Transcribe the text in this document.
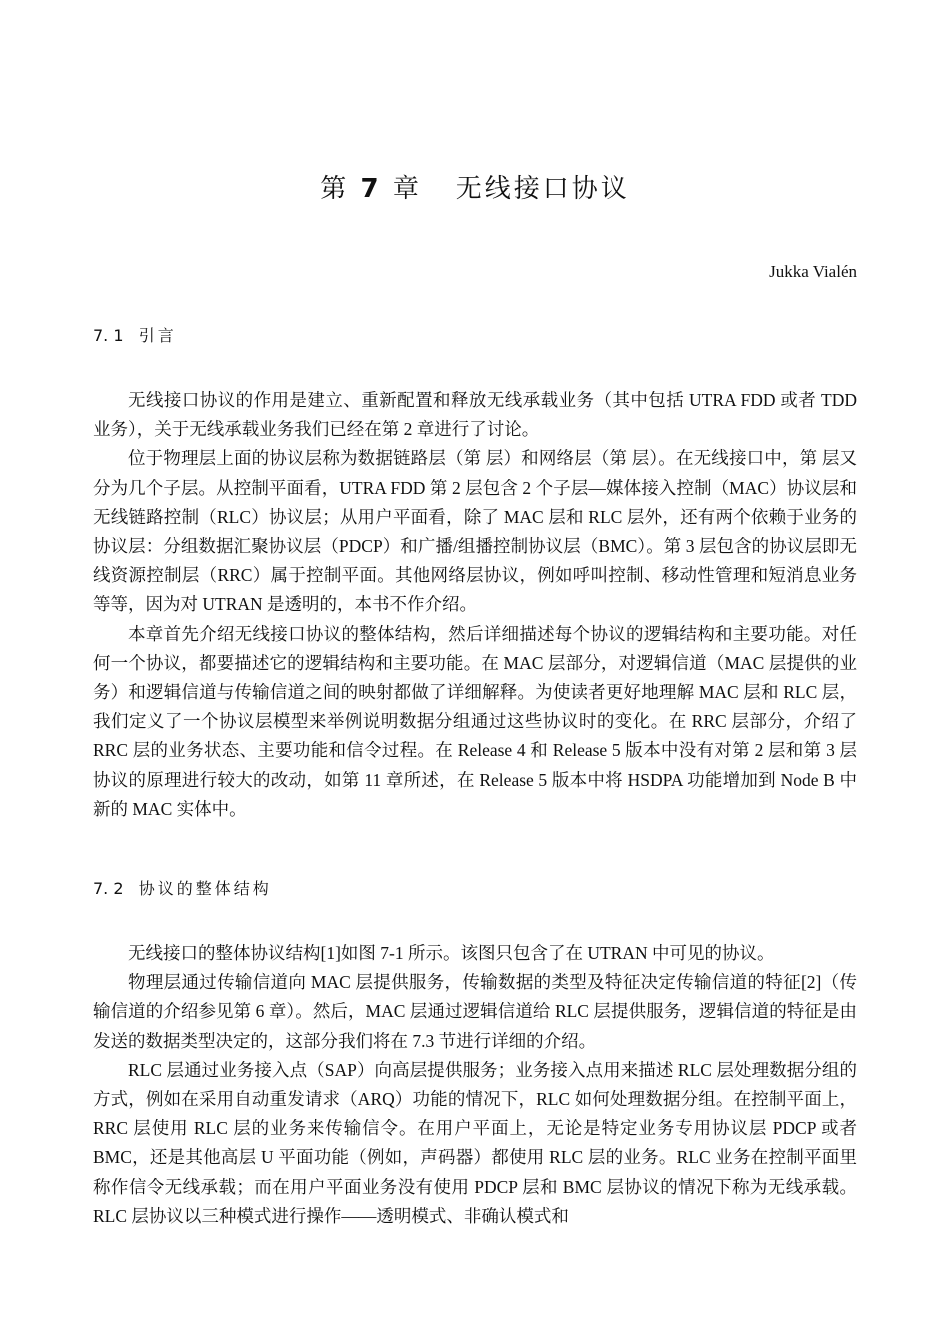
第 7 章 无线接口协议

Jukka Vialén

7. 1 引言

无线接口协议的作用是建立、重新配置和释放无线承载业务（其中包括 UTRA FDD 或者 TDD 业务），关于无线承载业务我们已经在第 2 章进行了讨论。

位于物理层上面的协议层称为数据链路层（第 层）和网络层（第 层）。在无线接口中，第 层又分为几个子层。从控制平面看，UTRA FDD 第 2 层包含 2 个子层—媒体接入控制（MAC）协议层和无线链路控制（RLC）协议层；从用户平面看，除了 MAC 层和 RLC 层外，还有两个依赖于业务的协议层：分组数据汇聚协议层（PDCP）和广播/组播控制协议层（BMC）。第 3 层包含的协议层即无线资源控制层（RRC）属于控制平面。其他网络层协议，例如呼叫控制、移动性管理和短消息业务等等，因为对 UTRAN 是透明的，本书不作介绍。

本章首先介绍无线接口协议的整体结构，然后详细描述每个协议的逻辑结构和主要功能。对任何一个协议，都要描述它的逻辑结构和主要功能。在 MAC 层部分，对逻辑信道（MAC 层提供的业务）和逻辑信道与传输信道之间的映射都做了详细解释。为使读者更好地理解 MAC 层和 RLC 层，我们定义了一个协议层模型来举例说明数据分组通过这些协议时的变化。在 RRC 层部分，介绍了 RRC 层的业务状态、主要功能和信令过程。在 Release 4 和 Release 5 版本中没有对第 2 层和第 3 层协议的原理进行较大的改动，如第 11 章所述，在 Release 5 版本中将 HSDPA 功能增加到 Node B 中新的 MAC 实体中。

7. 2 协议的整体结构

无线接口的整体协议结构[1]如图 7-1 所示。该图只包含了在 UTRAN 中可见的协议。

物理层通过传输信道向 MAC 层提供服务，传输数据的类型及特征决定传输信道的特征[2]（传输信道的介绍参见第 6 章）。然后，MAC 层通过逻辑信道给 RLC 层提供服务，逻辑信道的特征是由发送的数据类型决定的，这部分我们将在 7.3 节进行详细的介绍。

RLC 层通过业务接入点（SAP）向高层提供服务；业务接入点用来描述 RLC 层处理数据分组的方式，例如在采用自动重发请求（ARQ）功能的情况下，RLC 如何处理数据分组。在控制平面上，RRC 层使用 RLC 层的业务来传输信令。在用户平面上，无论是特定业务专用协议层 PDCP 或者 BMC，还是其他高层 U 平面功能（例如，声码器）都使用 RLC 层的业务。RLC 业务在控制平面里称作信令无线承载；而在用户平面业务没有使用 PDCP 层和 BMC 层协议的情况下称为无线承载。RLC 层协议以三种模式进行操作——透明模式、非确认模式和
